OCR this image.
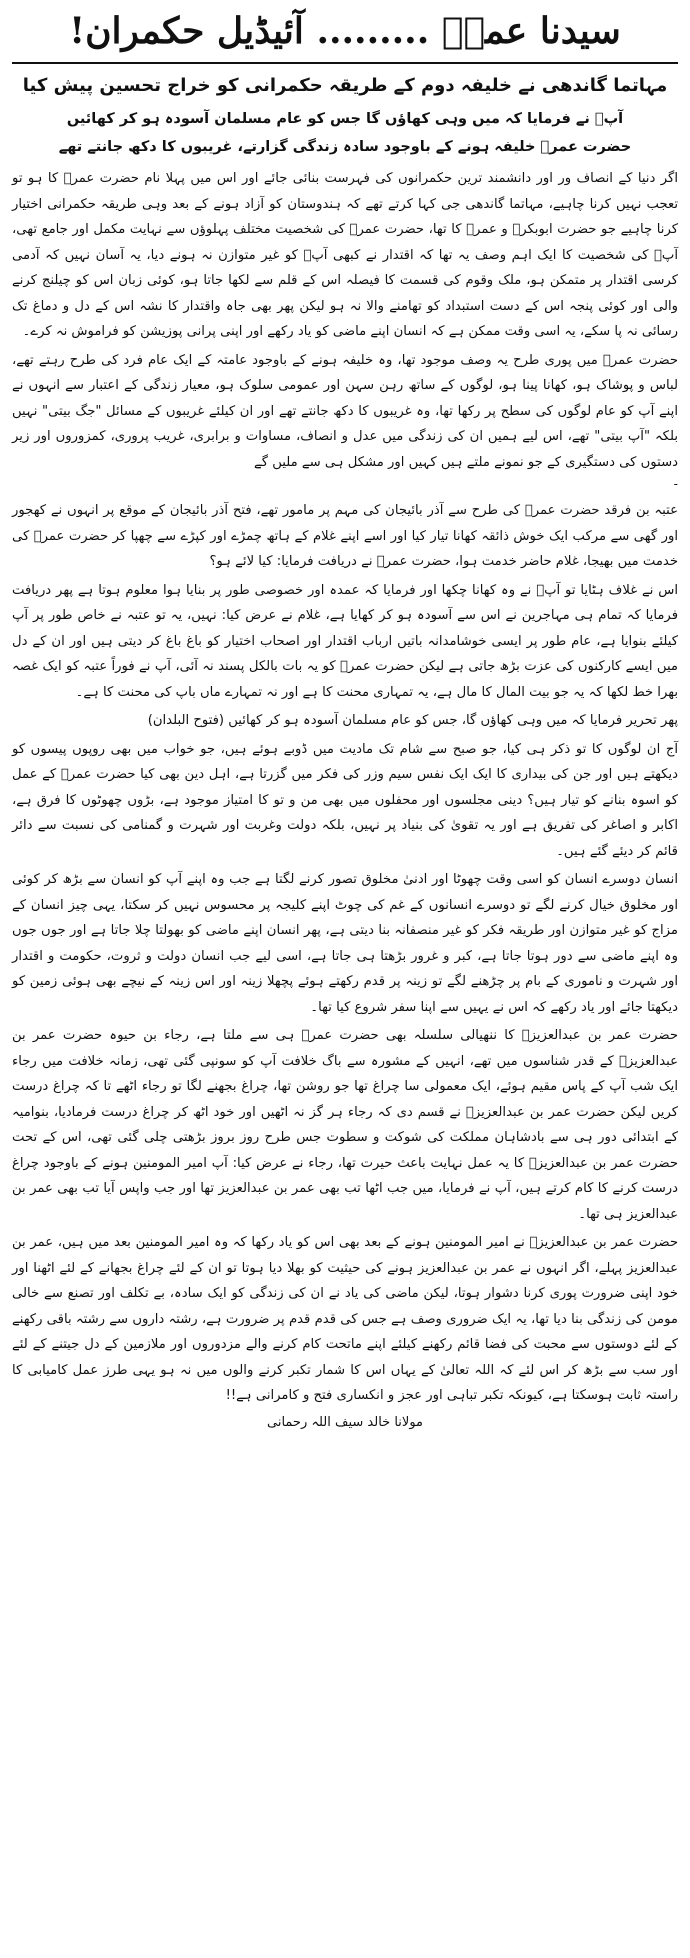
سیدنا عمرؓ ......... آئیڈیل حکمران!
مہاتما گاندھی نے خلیفہ دوم کے طریقہ حکمرانی کو خراج تحسین پیش کیا
آپؓ نے فرمایا کہ میں وہی کھاؤں گا جس کو عام مسلمان آسودہ ہو کر کھائیں
حضرت عمرؓ خلیفہ ہونے کے باوجود سادہ زندگی گزارتے، غریبوں کا دکھ جانتے تھے

اگر دنیا کے انصاف ور اور دانشمند ترین حکمرانوں کی فہرست بنائی جائے اور اس میں پہلا نام حضرت عمرؓ کا ہو تو تعجب نہیں کرنا چاہیے، مہاتما گاندھی جی کہا کرتے تھے کہ ہندوستان کو آزاد ہونے کے بعد وہی طریقہ حکمرانی اختیار کرنا چاہیے جو حضرت ابوبکرؓ و عمرؓ کا تھا، حضرت عمرؓ کی شخصیت مختلف پہلوؤں سے نہایت مکمل اور جامع تھی، آپؓ کی شخصیت کا ایک اہم وصف یہ تھا کہ اقتدار نے کبھی آپؓ کو غیر متوازن نہ ہونے دیا، یہ آسان نہیں کہ آدمی کرسی اقتدار پر متمکن ہو، ملک وقوم کی قسمت کا فیصلہ اس کے قلم سے لکھا جاتا ہو، کوئی زبان اس کو چیلنج کرنے والی اور کوئی پنجہ اس کے دست استبداد کو تھامنے والا نہ ہو لیکن پھر بھی جاہ واقتدار کا نشہ اس کے دل و دماغ تک رسائی نہ پا سکے، یہ اسی وقت ممکن ہے کہ انسان اپنے ماضی کو یاد رکھے اور اپنی پرانی پوزیشن کو فراموش نہ کرے۔

حضرت عمرؓ میں پوری طرح یہ وصف موجود تھا، وہ خلیفہ ہونے کے باوجود عامتہ کے ایک عام فرد کی طرح رہتے تھے، لباس و پوشاک ہو، کھانا پینا ہو، لوگوں کے ساتھ رہن سہن اور عمومی سلوک ہو، معیار زندگی کے اعتبار سے انہوں نے اپنے آپ کو عام لوگوں کی سطح پر رکھا تھا، وہ غریبوں کا دکھ جانتے تھے اور ان کیلئے غریبوں کے مسائل "جگ بیتی" نہیں بلکہ "آپ بیتی" تھے، اس لیے ہمیں ان کی زندگی میں عدل و انصاف، مساوات و برابری، غریب پروری، کمزوروں اور زیر دستوں کی دستگیری کے جو نمونے ملتے ہیں کہیں اور مشکل ہی سے ملیں گے

-

عتبہ بن فرقد حضرت عمرؓ کی طرح سے آذر بائیجان کی مہم پر مامور تھے، فتح آذر بائیجان کے موقع پر انہوں نے کھجور اور گھی سے مرکب ایک خوش ذائقہ کھانا تیار کیا اور اسے اپنے غلام کے ہاتھ چمڑے اور کپڑے سے چھپا کر حضرت عمرؓ کی خدمت میں بھیجا، غلام حاضر خدمت ہوا، حضرت عمرؓ نے دریافت فرمایا: کیا لائے ہو؟

اس نے غلاف ہٹایا تو آپؓ نے وہ کھانا چکھا اور فرمایا کہ عمدہ اور خصوصی طور پر بنایا ہوا معلوم ہوتا ہے پھر دریافت فرمایا کہ تمام ہی مہاجرین نے اس سے آسودہ ہو کر کھایا ہے، غلام نے عرض کیا: نہیں، یہ تو عتبہ نے خاص طور پر آپ کیلئے بنوایا ہے، عام طور پر ایسی خوشامدانہ باتیں ارباب اقتدار اور اصحاب اختیار کو باغ باغ کر دیتی ہیں اور ان کے دل میں ایسے کارکنوں کی عزت بڑھ جاتی ہے لیکن حضرت عمرؓ کو یہ بات بالکل پسند نہ آئی، آپ نے فوراً عتبہ کو ایک غصہ بھرا خط لکھا کہ یہ جو بیت المال کا مال ہے، یہ تمہاری محنت کا ہے اور نہ تمہارے ماں باپ کی محنت کا ہے۔

پھر تحریر فرمایا کہ میں وہی کھاؤں گا، جس کو عام مسلمان آسودہ ہو کر کھائیں (فتوح البلدان)

آج ان لوگوں کا تو ذکر ہی کیا، جو صبح سے شام تک مادیت میں ڈوبے ہوئے ہیں، جو خواب میں بھی روپوں پیسوں کو دیکھتے ہیں اور جن کی بیداری کا ایک ایک نفس سیم وزر کی فکر میں گزرتا ہے، اہل دین بھی کیا حضرت عمرؓ کے عمل کو اسوہ بنانے کو تیار ہیں؟ دینی مجلسوں اور محفلوں میں بھی من و تو کا امتیاز موجود ہے، بڑوں چھوٹوں کا فرق ہے، اکابر و اصاغر کی تفریق ہے اور یہ تقویٰ کی بنیاد پر نہیں، بلکہ دولت وغربت اور شہرت و گمنامی کی نسبت سے دائر قائم کر دیئے گئے ہیں۔

انسان دوسرے انسان کو اسی وقت چھوٹا اور ادنیٰ مخلوق تصور کرنے لگتا ہے جب وہ اپنے آپ کو انسان سے بڑھ کر کوئی اور مخلوق خیال کرنے لگے تو دوسرے انسانوں کے غم کی چوٹ اپنے کلیجہ پر محسوس نہیں کر سکتا، یہی چیز انسان کے مزاج کو غیر متوازن اور طریقہ فکر کو غیر منصفانہ بنا دیتی ہے، پھر انسان اپنے ماضی کو بھولتا چلا جاتا ہے اور جوں جوں وہ اپنے ماضی سے دور ہوتا جاتا ہے، کبر و غرور بڑھتا ہی جاتا ہے، اسی لیے جب انسان دولت و ثروت، حکومت و اقتدار اور شہرت و ناموری کے بام پر چڑھنے لگے تو زینہ پر قدم رکھتے ہوئے پچھلا زینہ اور اس زینہ کے نیچے بھی ہوئی زمین کو دیکھتا جائے اور یاد رکھے کہ اس نے یہیں سے اپنا سفر شروع کیا تھا۔

حضرت عمر بن عبدالعزیزؒ کا ننھیالی سلسلہ بھی حضرت عمرؓ ہی سے ملتا ہے، رجاء بن حیوہ حضرت عمر بن عبدالعزیزؒ کے قدر شناسوں میں تھے، انہیں کے مشورہ سے باگ خلافت آپ کو سونپی گئی تھی، زمانہ خلافت میں رجاء ایک شب آپ کے پاس مقیم ہوئے، ایک معمولی سا چراغ تھا جو روشن تھا، چراغ بجھنے لگا تو رجاء اٹھے تا کہ چراغ درست کریں لیکن حضرت عمر بن عبدالعزیزؒ نے قسم دی کہ رجاء ہر گز نہ اٹھیں اور خود اٹھ کر چراغ درست فرمادیا، بنوامیہ کے ابتدائی دور ہی سے بادشاہان مملکت کی شوکت و سطوت جس طرح روز بروز بڑھتی چلی گئی تھی، اس کے تحت حضرت عمر بن عبدالعزیزؒ کا یہ عمل نہایت باعث حیرت تھا، رجاء نے عرض کیا: آپ امیر المومنین ہونے کے باوجود چراغ درست کرنے کا کام کرتے ہیں، آپ نے فرمایا، میں جب اٹھا تب بھی عمر بن عبدالعزیز تھا اور جب واپس آیا تب بھی عمر بن عبدالعزیز ہی تھا۔

حضرت عمر بن عبدالعزیزؒ نے امیر المومنین ہونے کے بعد بھی اس کو یاد رکھا کہ وہ امیر المومنین بعد میں ہیں، عمر بن عبدالعزیز پہلے، اگر انہوں نے عمر بن عبدالعزیز ہونے کی حیثیت کو بھلا دیا ہوتا تو ان کے لئے چراغ بجھانے کے لئے اٹھنا اور خود اپنی ضرورت پوری کرنا دشوار ہوتا، لیکن ماضی کی یاد نے ان کی زندگی کو ایک سادہ، بے تکلف اور تصنع سے خالی مومن کی زندگی بنا دیا تھا، یہ ایک ضروری وصف ہے جس کی قدم قدم پر ضرورت ہے، رشتہ داروں سے رشتہ باقی رکھنے کے لئے دوستوں سے محبت کی فضا قائم رکھنے کیلئے اپنے ماتحت کام کرنے والے مزدوروں اور ملازمین کے دل جیتنے کے لئے اور سب سے بڑھ کر اس لئے کہ اللہ تعالیٰ کے یہاں اس کا شمار تکبر کرنے والوں میں نہ ہو یہی طرز عمل کامیابی کا راستہ ثابت ہوسکتا ہے، کیونکہ تکبر تباہی اور عجز و انکساری فتح و کامرانی ہے!!

مولانا خالد سیف اللہ رحمانی
